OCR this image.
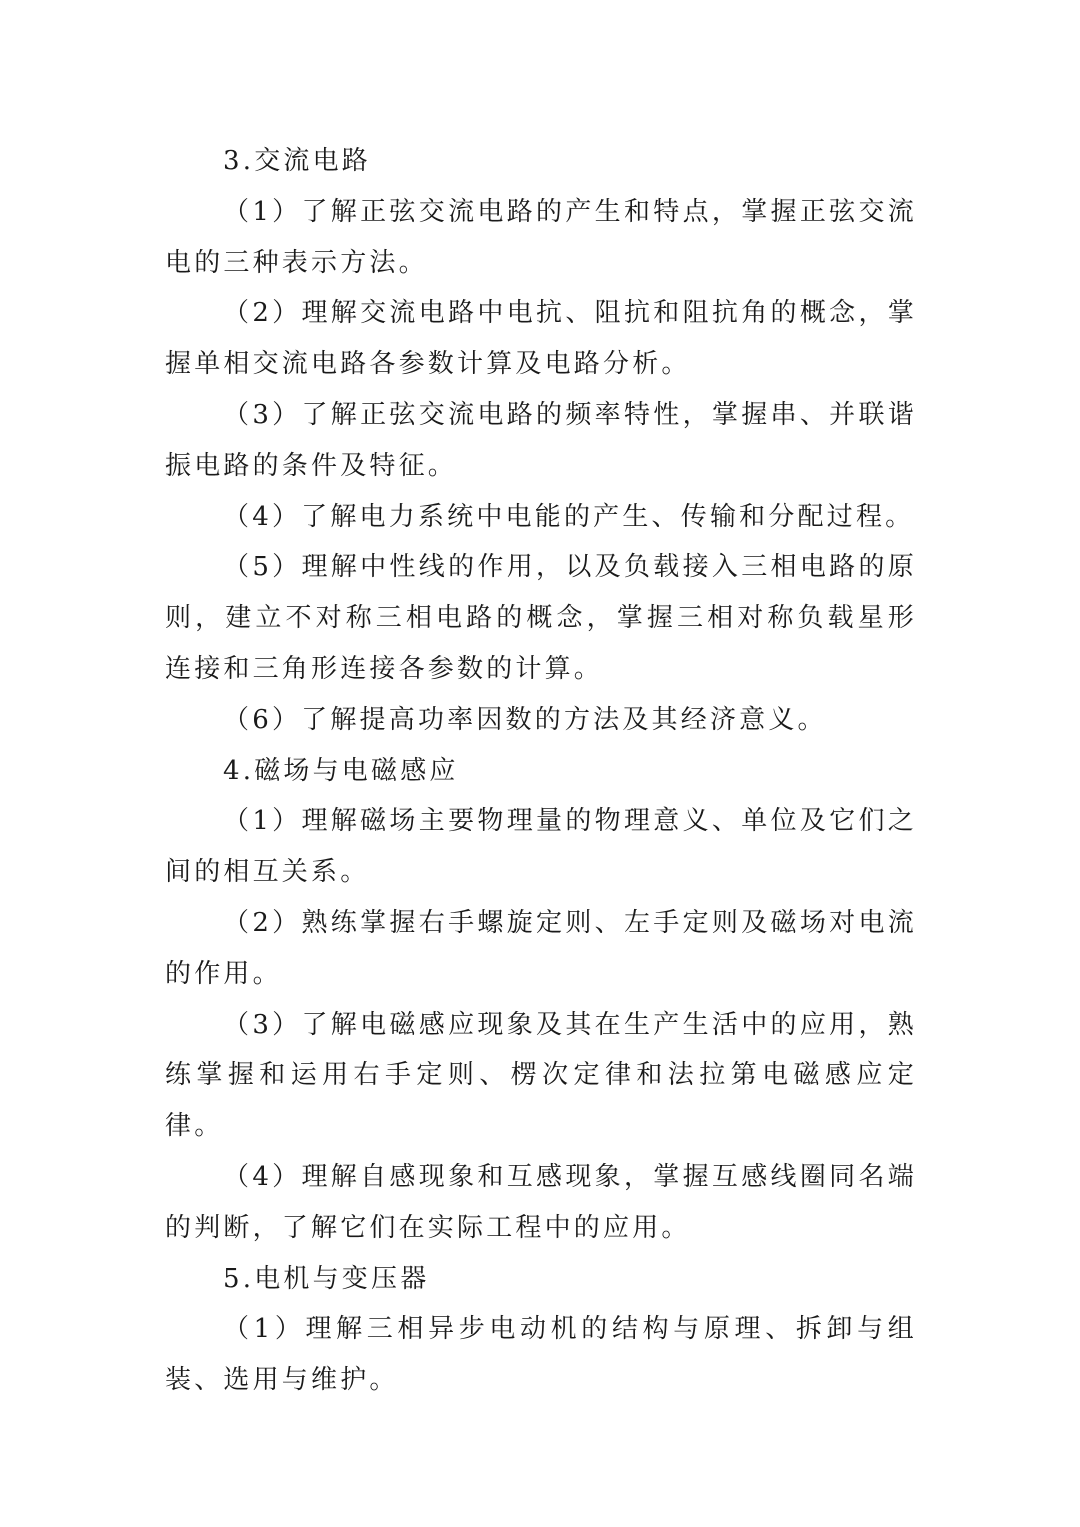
3.交流电路

（1）了解正弦交流电路的产生和特点，掌握正弦交流电的三种表示方法。

（2）理解交流电路中电抗、阻抗和阻抗角的概念，掌握单相交流电路各参数计算及电路分析。

（3）了解正弦交流电路的频率特性，掌握串、并联谐振电路的条件及特征。

（4）了解电力系统中电能的产生、传输和分配过程。

（5）理解中性线的作用，以及负载接入三相电路的原则，建立不对称三相电路的概念，掌握三相对称负载星形连接和三角形连接各参数的计算。

（6）了解提高功率因数的方法及其经济意义。

4.磁场与电磁感应

（1）理解磁场主要物理量的物理意义、单位及它们之间的相互关系。

（2）熟练掌握右手螺旋定则、左手定则及磁场对电流的作用。

（3）了解电磁感应现象及其在生产生活中的应用，熟练掌握和运用右手定则、楞次定律和法拉第电磁感应定律。

（4）理解自感现象和互感现象，掌握互感线圈同名端的判断，了解它们在实际工程中的应用。

5.电机与变压器

（1）理解三相异步电动机的结构与原理、拆卸与组装、选用与维护。
